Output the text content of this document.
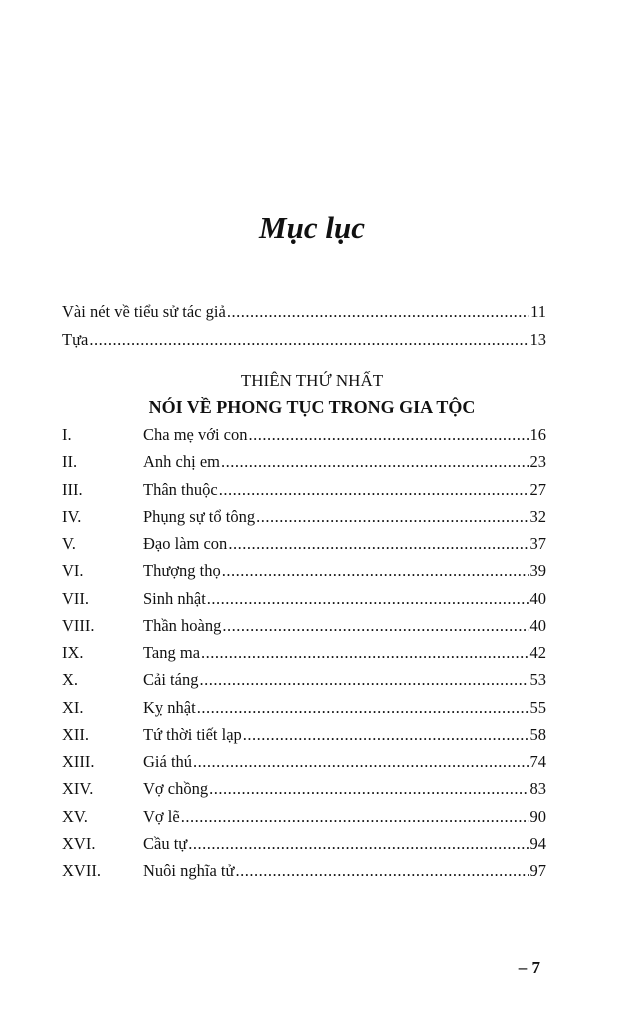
Mục lục
Vài nét về tiểu sử tác giả .....	11
Tựa .....	13
THIÊN THỨ NHẤT
NÓI VỀ PHONG TỤC TRONG GIA TỘC
I.	Cha mẹ với con .....	16
II.	Anh chị em .....	23
III.	Thân thuộc .....	27
IV.	Phụng sự tổ tông .....	32
V.	Đạo làm con .....	37
VI.	Thượng thọ .....	39
VII.	Sinh nhật .....	40
VIII.	Thần hoàng .....	40
IX.	Tang ma .....	42
X.	Cải táng .....	53
XI.	Kỵ nhật .....	55
XII.	Tứ thời tiết lạp .....	58
XIII.	Giá thú .....	74
XIV.	Vợ chồng .....	83
XV.	Vợ lẽ .....	90
XVI.	Cầu tự .....	94
XVII.	Nuôi nghĩa tử .....	97
– 7
